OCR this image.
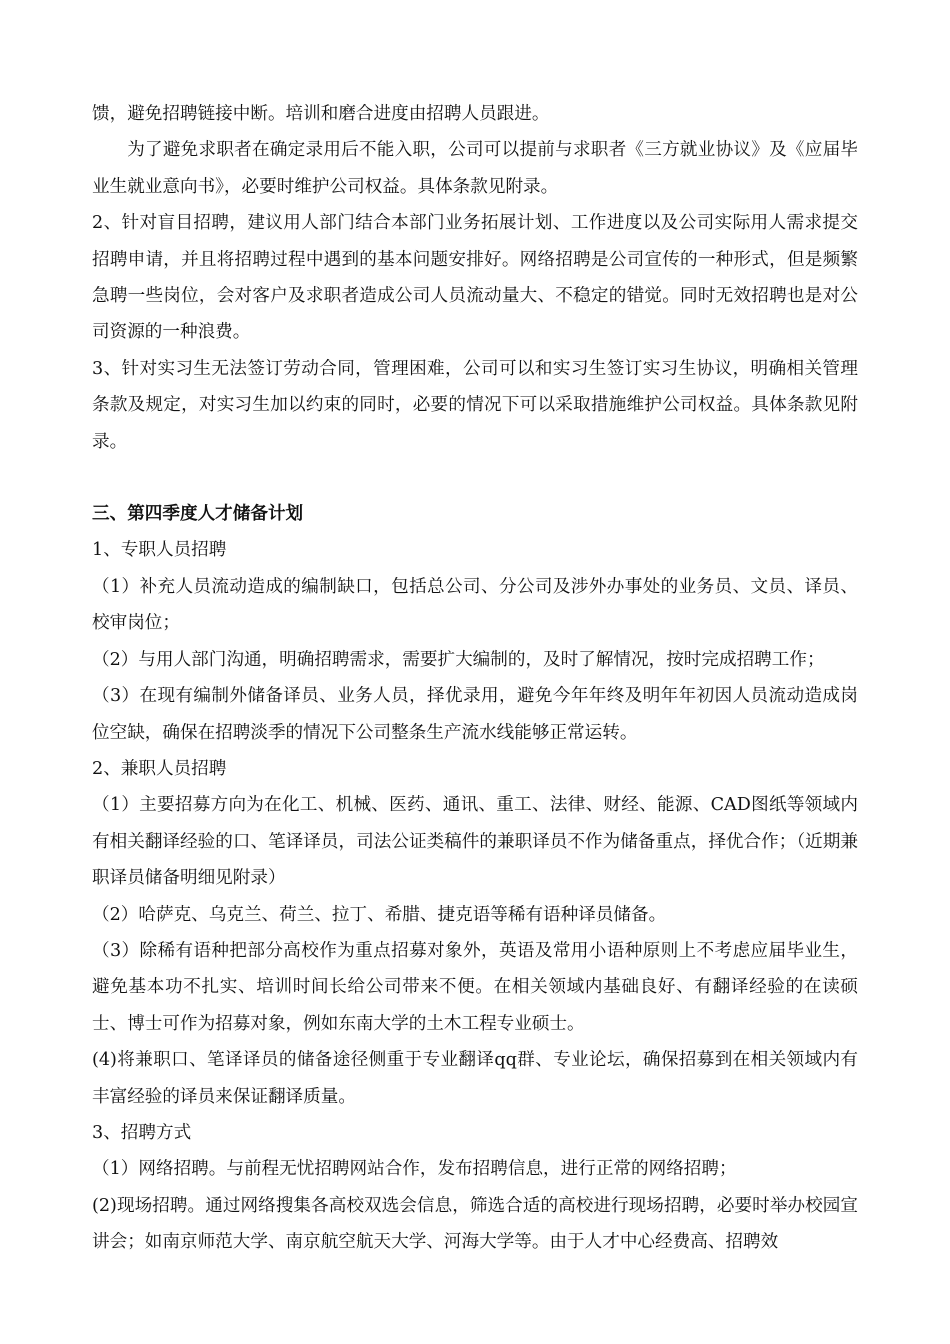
馈，避免招聘链接中断。培训和磨合进度由招聘人员跟进。

为了避免求职者在确定录用后不能入职，公司可以提前与求职者《三方就业协议》及《应届毕业生就业意向书》，必要时维护公司权益。具体条款见附录。

2、针对盲目招聘，建议用人部门结合本部门业务拓展计划、工作进度以及公司实际用人需求提交招聘申请，并且将招聘过程中遇到的基本问题安排好。网络招聘是公司宣传的一种形式，但是频繁急聘一些岗位，会对客户及求职者造成公司人员流动量大、不稳定的错觉。同时无效招聘也是对公司资源的一种浪费。

3、针对实习生无法签订劳动合同，管理困难，公司可以和实习生签订实习生协议，明确相关管理条款及规定，对实习生加以约束的同时，必要的情况下可以采取措施维护公司权益。具体条款见附录。

三、第四季度人才储备计划

1、专职人员招聘

（1）补充人员流动造成的编制缺口，包括总公司、分公司及涉外办事处的业务员、文员、译员、校审岗位；

（2）与用人部门沟通，明确招聘需求，需要扩大编制的，及时了解情况，按时完成招聘工作；

（3）在现有编制外储备译员、业务人员，择优录用，避免今年年终及明年年初因人员流动造成岗位空缺，确保在招聘淡季的情况下公司整条生产流水线能够正常运转。

2、兼职人员招聘

（1）主要招募方向为在化工、机械、医药、通讯、重工、法律、财经、能源、CAD图纸等领域内有相关翻译经验的口、笔译译员，司法公证类稿件的兼职译员不作为储备重点，择优合作；（近期兼职译员储备明细见附录）

（2）哈萨克、乌克兰、荷兰、拉丁、希腊、捷克语等稀有语种译员储备。

（3）除稀有语种把部分高校作为重点招募对象外，英语及常用小语种原则上不考虑应届毕业生，避免基本功不扎实、培训时间长给公司带来不便。在相关领域内基础良好、有翻译经验的在读硕士、博士可作为招募对象，例如东南大学的土木工程专业硕士。

(4)将兼职口、笔译译员的储备途径侧重于专业翻译qq群、专业论坛，确保招募到在相关领域内有丰富经验的译员来保证翻译质量。

3、招聘方式

（1）网络招聘。与前程无忧招聘网站合作，发布招聘信息，进行正常的网络招聘；

(2)现场招聘。通过网络搜集各高校双选会信息，筛选合适的高校进行现场招聘，必要时举办校园宣讲会；如南京师范大学、南京航空航天大学、河海大学等。由于人才中心经费高、招聘效
